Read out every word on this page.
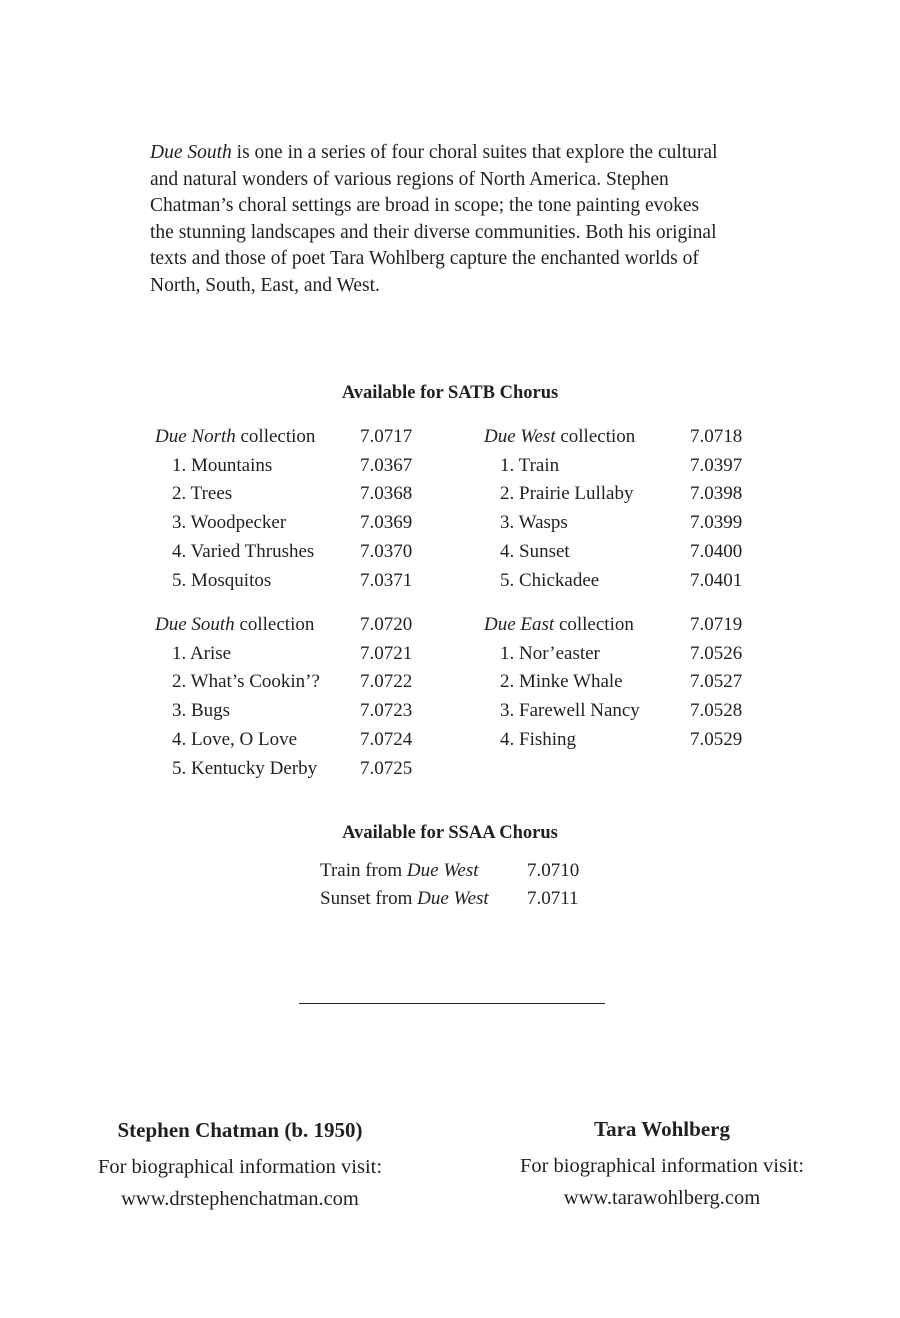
Due South is one in a series of four choral suites that explore the cultural
and natural wonders of various regions of North America. Stephen
Chatman’s choral settings are broad in scope; the tone painting evokes
the stunning landscapes and their diverse communities. Both his original
texts and those of poet Tara Wohlberg capture the enchanted worlds of
North, South, East, and West.
Available for SATB Chorus
Due North collection 7.0717
1. Mountains	7.0367
2. Trees	7.0368
3. Woodpecker	7.0369
4. Varied Thrushes 7.0370
5. Mosquitos	7.0371
Due West collection	7.0718
1. Train	7.0397
2. Prairie Lullaby	7.0398
3. Wasps	7.0399
4. Sunset	7.0400
5. Chickadee	7.0401
Due South collection 7.0720
1. Arise	7.0721
2. What’s Cookin’? 7.0722
3. Bugs	7.0723
4. Love, O Love	7.0724
5. Kentucky Derby 7.0725
Due East collection	7.0719
1. Nor’easter	7.0526
2. Minke Whale	7.0527
3. Farewell Nancy	7.0528
4. Fishing	7.0529
Available for SSAA Chorus
Train from Due West	7.0710
Sunset from Due West 7.0711
Stephen Chatman (b. 1950)
For biographical information visit:
www.drstephenchatman.com
Tara Wohlberg
For biographical information visit:
www.tarawohlberg.com
